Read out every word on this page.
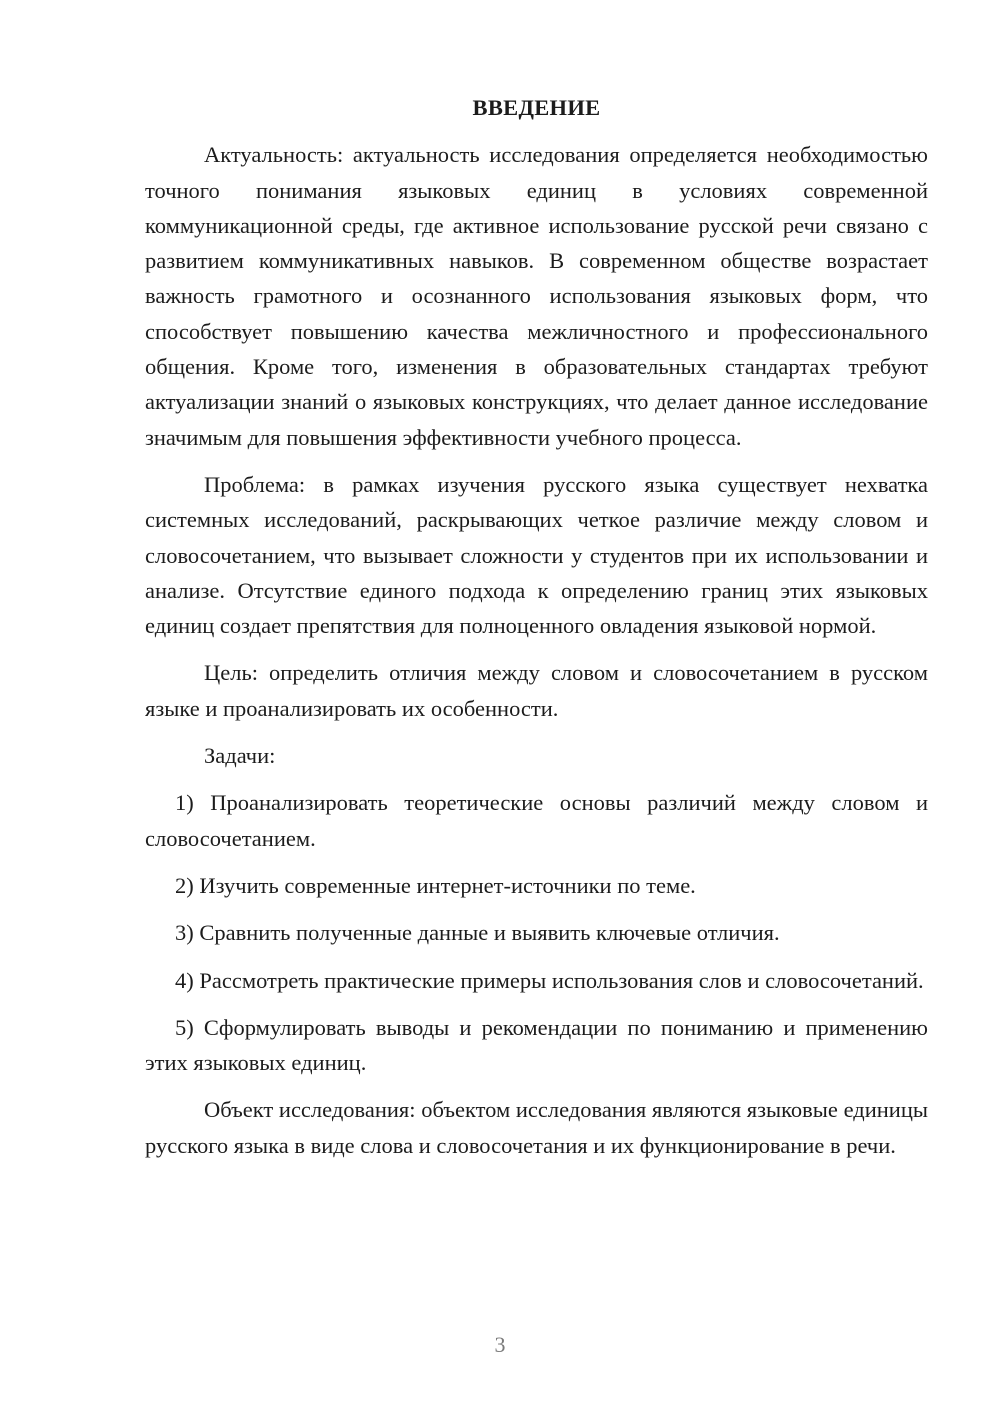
ВВЕДЕНИЕ

Актуальность: актуальность исследования определяется необходимостью точного понимания языковых единиц в условиях современной коммуникационной среды, где активное использование русской речи связано с развитием коммуникативных навыков. В современном обществе возрастает важность грамотного и осознанного использования языковых форм, что способствует повышению качества межличностного и профессионального общения. Кроме того, изменения в образовательных стандартах требуют актуализации знаний о языковых конструкциях, что делает данное исследование значимым для повышения эффективности учебного процесса.

Проблема: в рамках изучения русского языка существует нехватка системных исследований, раскрывающих четкое различие между словом и словосочетанием, что вызывает сложности у студентов при их использовании и анализе. Отсутствие единого подхода к определению границ этих языковых единиц создает препятствия для полноценного овладения языковой нормой.

Цель: определить отличия между словом и словосочетанием в русском языке и проанализировать их особенности.

Задачи:

1) Проанализировать теоретические основы различий между словом и словосочетанием.

2) Изучить современные интернет-источники по теме.

3) Сравнить полученные данные и выявить ключевые отличия.

4) Рассмотреть практические примеры использования слов и словосочетаний.

5) Сформулировать выводы и рекомендации по пониманию и применению этих языковых единиц.

Объект исследования: объектом исследования являются языковые единицы русского языка в виде слова и словосочетания и их функционирование в речи.

3
